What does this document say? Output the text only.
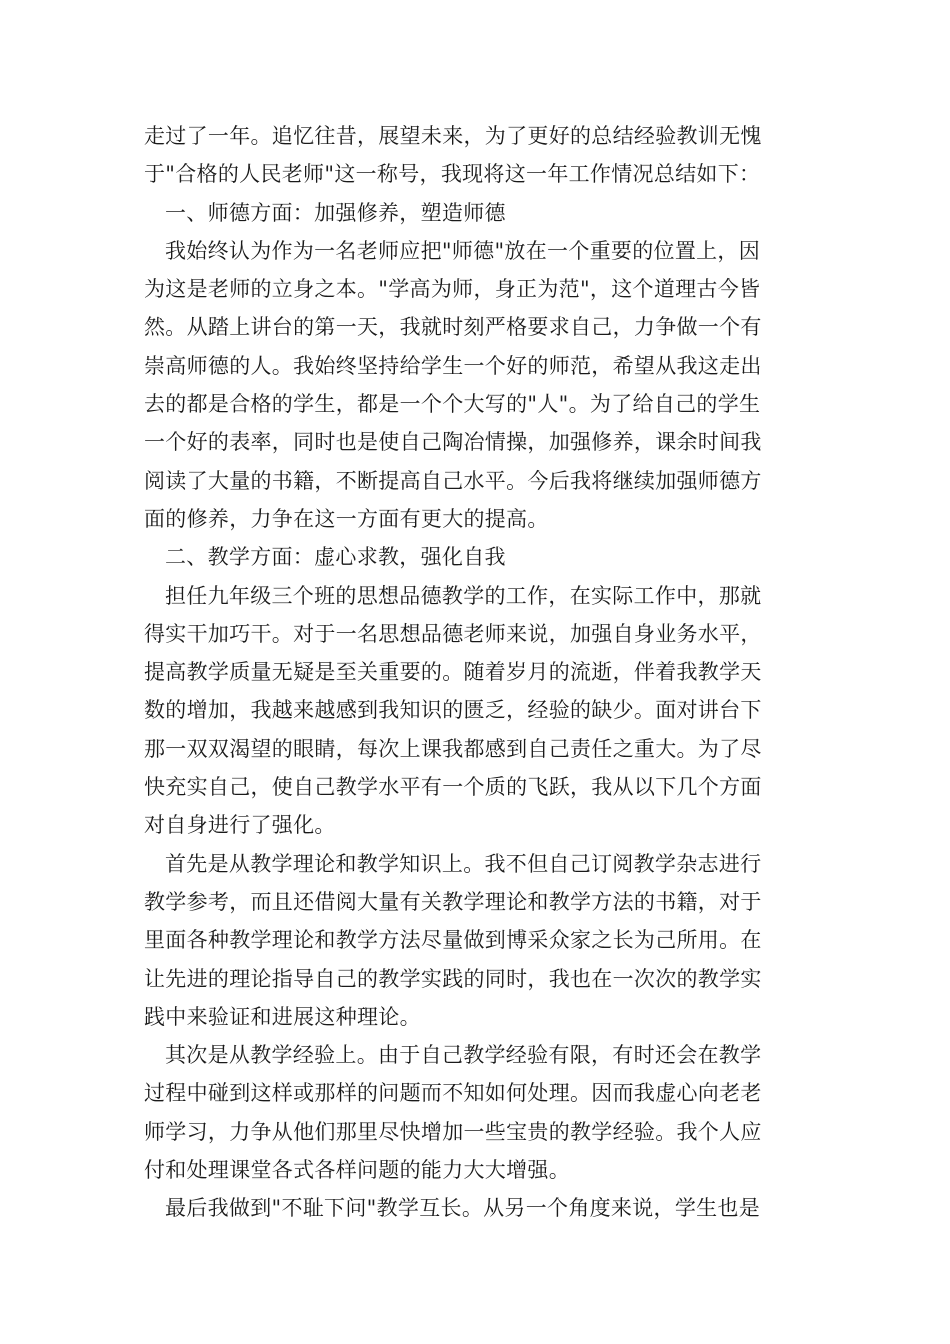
走过了一年。追忆往昔，展望未来，为了更好的总结经验教训无愧
于"合格的人民老师"这一称号，我现将这一年工作情况总结如下：
一、师德方面：加强修养，塑造师德
我始终认为作为一名老师应把"师德"放在一个重要的位置上，因
为这是老师的立身之本。"学高为师，身正为范"，这个道理古今皆
然。从踏上讲台的第一天，我就时刻严格要求自己，力争做一个有
崇高师德的人。我始终坚持给学生一个好的师范，希望从我这走出
去的都是合格的学生，都是一个个大写的"人"。为了给自己的学生
一个好的表率，同时也是使自己陶冶情操，加强修养，课余时间我
阅读了大量的书籍，不断提高自己水平。今后我将继续加强师德方
面的修养，力争在这一方面有更大的提高。
二、教学方面：虚心求教，强化自我
担任九年级三个班的思想品德教学的工作，在实际工作中，那就
得实干加巧干。对于一名思想品德老师来说，加强自身业务水平，
提高教学质量无疑是至关重要的。随着岁月的流逝，伴着我教学天
数的增加，我越来越感到我知识的匮乏，经验的缺少。面对讲台下
那一双双渴望的眼睛，每次上课我都感到自己责任之重大。为了尽
快充实自己，使自己教学水平有一个质的飞跃，我从以下几个方面
对自身进行了强化。
首先是从教学理论和教学知识上。我不但自己订阅教学杂志进行
教学参考，而且还借阅大量有关教学理论和教学方法的书籍，对于
里面各种教学理论和教学方法尽量做到博采众家之长为己所用。在
让先进的理论指导自己的教学实践的同时，我也在一次次的教学实
践中来验证和进展这种理论。
其次是从教学经验上。由于自己教学经验有限，有时还会在教学
过程中碰到这样或那样的问题而不知如何处理。因而我虚心向老老
师学习，力争从他们那里尽快增加一些宝贵的教学经验。我个人应
付和处理课堂各式各样问题的能力大大增强。
最后我做到"不耻下问"教学互长。从另一个角度来说，学生也是
